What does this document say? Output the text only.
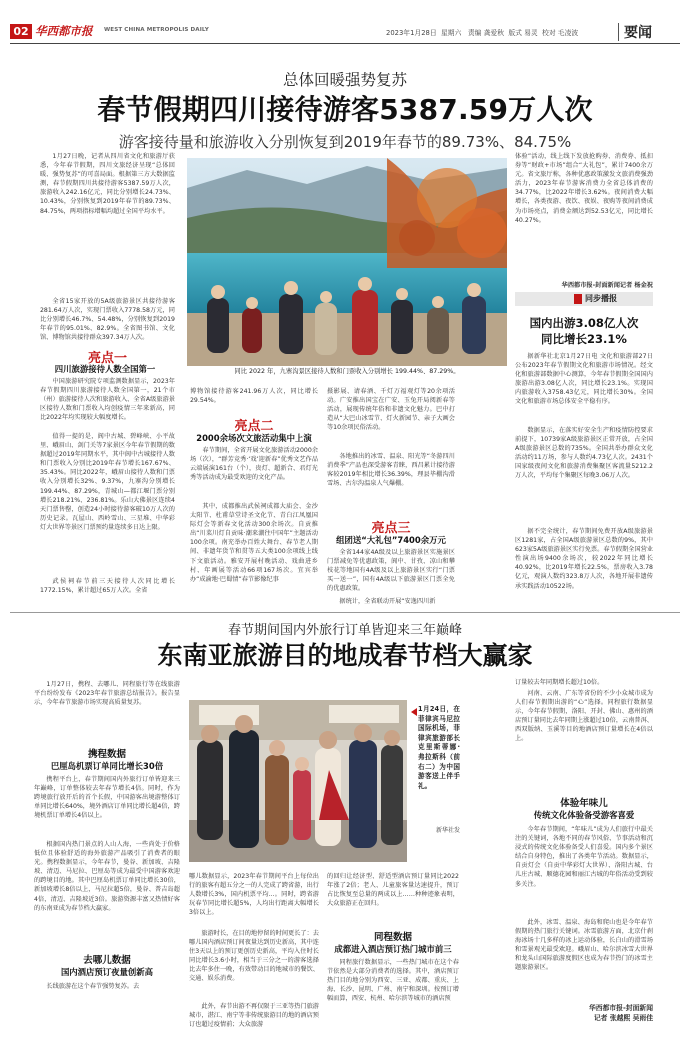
02 华西都市报 WEST CHINA METROPOLIS DAILY	2023年1月28日 星期六 责编 龚爱秋 版式 易灵 校对 毛凌波	要闻
总体回暖强势复苏
春节假期四川接待游客5387.59万人次
游客接待量和旅游收入分别恢复到2019年春节的89.73%、84.75%
1月27日晚，记者从四川省文化和旅游厅获悉，今年春节假期，四川文旅经济呈现“总体回暖、强势复苏”的可喜局面。根据第三方大数据监测，春节假期四川共接待游客5387.59万人次，旅游收入242.16亿元，同比分别增长24.73%、10.43%，分别恢复到2019年春节的89.73%、84.75%，两项指标增幅均超过全国平均水平。
全省15家开放的5A级旅游景区共接待游客281.64万人次，实现门票收入7778.58万元，同比分别增长46.7%、54.48%，分别恢复到2019年春节的95.01%、82.9%。全省图书馆、文化馆、博物馆共接待群众397.34万人次。
亮点一
四川旅游接待人数全国第一
中国旅游研究院专项监测数据显示，2023年春节假期四川旅游接待人数全国第一，21个市（州）旅游接待人次和旅游收入、全省A级旅游景区接待人数和门票收入均创疫情三年来新高，同比2022年均实现较大幅度增长。
值得一提的是，阆中古城、碧峰峡、小平故里、峨眉山、剑门关等7家景区今年春节假期的数据超过2019年同期水平，其中阆中古城接待人数和门票收入分别比2019年春节增长167.67%、35.43%。同比2022年，峨眉山接待人数和门票收入分别增长32%、9.37%，九寨沟分别增长199.44%、87.29%，青城山—都江堰门票分别增长218.21%、236.81%。乐山大佛景区连续4天门票售罄，创造24小时接待游客破10万人次的历史记录。瓦屋山、西岭雪山、三星堆、中华彩灯大世界等景区门票预约量连续多日达上限。
武侯祠春节前三天接待人次同比增长1772.15%，累计超过65万人次。全省
同比 2022 年，九寨沟景区接待人数和门票收入分别增长 199.44%、87.29%。
博物馆接待游客241.96万人次，同比增长29.54%。
亮点二
2000余场次文旅活动集中上演
春节期间，全省开展文化旅游活动2000余场（次），“群芳竞秀·‘戏’迎新春”优秀文艺作品云端展演161台（个），贵灯、超新合、君灯光秀等活动成为最受欢迎的文化产品。
其中，成都推出武侯祠成都大庙会、金沙太阳节、杜甫草堂诗圣文化节、青白江凤凰国际灯会等新春文化活动300余场次。自贡推出“川菜川灯自贡味·潮来潮往中国年”主题活动100余项。南充举办百姓大舞台、春节老人期间、非遗年货节和贯等五大类100余项线上线下文旅活动。雅安开展村晚活动、戏曲进乡村、年画展等活动66项167场次。宜宾举办“成渝地·巴蜀情”春节影像纪事
摄影展、请春酒、千灯万福观灯等20余项活动。广安推出国宝在广安、玉兔开局阅新春等活动，展现传统年俗和非遗文化魅力。巴中打造从“大巴山冰雪节、灯火新园节、亲子大画会等10余项民俗活动。
各地推出的冰雪、温泉、阳光等“冬游四川消费季”产品也深受游客青睐，西昌累计接待游客较2019年相比增长36.39%，理县毕棚沟滑雪场、古尔沟温泉人气爆棚。
亮点三
组团送“大礼包”7400余万元
全省144家4A级及以上旅游景区实施景区门票减免等优惠政策，阆中、甘孜、凉山和攀枝花等地国有4A级及以上旅游景区实行“门票买一送一”，国有4A级以下旅游景区门票全免的优惠政策。
据统计，全省联动开展“安逸四川新
体验”活动，线上线下发放抢购券、消费券、抵扣券等“财政+市场”组合“大礼包”，累计7400余万元。省文旅厅称，各种优惠政策激发文旅消费强劲活力，2023年春节游客消费力全省总体消费的34.77%，比2022年增长3.62%。夜间消费大幅增长，各类夜游、夜饮、夜娱、夜购等夜间消费成为市场亮点，消费金额达到52.53亿元，同比增长40.27%。
华西都市报-封面新闻记者 杨金祝
同步播报
国内出游3.08亿人次
同比增长23.1%
据新华社北京1月27日电 文化和旅游部27日公布2023年春节假期文化和旅游市场情况。经文化和旅游部数据中心测算，今年春节假期全国国内旅游出游3.08亿人次，同比增长23.1%。实现国内旅游收入3758.43亿元，同比增长30%。全国文化和旅游市场总体安全平稳有序。
数据显示，在落实好安全生产和疫情防控要求前提下，10739家A级旅游景区正常开放，占全国A级旅游景区总数的735%。全国共举办群众文化活动约11万场，参与人数约4.73亿人次。2431个国家级夜间文化和旅游消费集聚区客流量5212.2万人次，平均每个集聚区每晚3.06万人次。
据不完全统计，春节期间免费开放A级旅游景区1281家，占全国A级旅游景区总数的9%，其中623家5A级旅游景区实行免票。春节假期全国营业性演出场9400余场次，较2022年同比增长40.92%，比2019年增长22.5%，票房收入3.78亿元，观演人数约323.8万人次，各地开展非遗传承实践活动10522场。
春节期间国内外旅行订单皆迎来三年巅峰
东南亚旅游目的地成春节档大赢家
1月27日，携程、去哪儿、同程旅行等在线旅游平台纷纷发布《2023年春节旅游总结报告》。报告显示，今年春节旅游市场实现高质量复苏。
携程数据
巴厘岛机票订单同比增长30倍
携程平台上，春节期间国内外旅行订单皆迎来三年巅峰，订单整体较去年春节增长4倍。同时，作为跨境旅行放开后的首个长假，中国游客出境游整体订单同比增长640%，境外酒店订单同比增长超4倍，跨境机票订单增长4倍以上。
根据国内热门景点的人山人海，一些尚处于价格低位且体验舒适的海外旅游产品吸引了消费者的眼光。携程数据显示，今年春节，曼谷、新加坡、吉隆坡、清迈、马尼拉、巴厘岛等成为最受中国游客欢迎的跨境目的地。其中巴厘岛机票订单同比增长30倍，新加坡增长8倍以上，马尼拉超5倍，曼谷、普吉岛超4倍，清迈、吉隆坡近3倍。旅游资源丰富又热情好客的东南亚成为春节档大赢家。
去哪儿数据
国内酒店预订夜量创新高
长线旅游在这个春节强势复苏。去
1月24日，在菲律宾马尼拉国际机场，菲律宾旅游部长克里斯蒂娜·弗拉斯科（前右二）为中国游客送上伴手礼。
新华社发
哪儿数据显示，2023年春节期间平台上每位出行的旅客有超五分之一的人完成了跨省游，出行人数增长3%，国内机票平均...。同时，跨省游玩春节同比增长超5%，人均出行距离大幅增长3倍以上。
旅游时长，在目的地停留的时间更长了：去哪儿国内酒店预订间夜量达到历史新高，其中连住3天以上的预订更创历史新高，平均入住时长同比增长3.6小时，相当于三分之一的游客选择比去年多住一晚，有效带动目的地城市的餐饮、交通、娱乐消费。
此外，春节出游不再仅限于三亚等热门旅游城市，湛江、南宁等非传统旅游目的地的酒店预订也超过疫情前；大众旅游
的回归让经济型、舒适型酒店预订量同比2022年涨了2倍；老人、儿童旅客量达速提升，预订占比恢复至总量的两成以上……种种迹象表明，大众旅游正在回归。
同程数据
成都进入酒店预订热门城市前三
同程旅行数据显示，一些热门城市在这个春节依然是大部分消费者的选择。其中，酒店预订热门目的地分别为西安、三亚、成都、重庆、上海、长沙、昆明、广州、南宁和深圳。按预订增幅而算，西安、杭州、哈尔滨等城市的酒店预
订量较去年同期增长超过10倍。
河南、云南、广东等省份的不少小众城市成为人们春节假期出游的“心”选择。同程旅行数据显示，今年春节假期，洛阳、开封、佛山、惠州的酒店预订量同比去年同期上涨超过10倍，云南普洱、西双版纳、玉溪等目的地酒店预订量增长在4倍以上。
体验年味儿
传统文化体验备受游客喜爱
今年春节期间，“年味儿”成为人们旅行中最关注的关键词，各地不同的春节风俗、节事活动和沉浸式的传统文化体验备受人们喜爱。国内多个景区结合自身特色，推出了各类年节活动。数据显示，自贡灯会（自贡中华彩灯大世界）、洛阳古城、台儿庄古城、顺德花园和丽江古城的年俗活动受到较多关注。
此外，冰雪、温泉、海岛和爬山也是今年春节假期的热门旅行关键词。冰雪旅游方面，北京什刹海冰场十几多样的冰上运动体验，长白山的滑雪场和雪景观光最受欢迎。峨眉山、哈尔滨冰雪大世界和龙头山国际旅游度假区也成为春节热门的冰雪主题旅游景区。
华西都市报-封面新闻
记者 张越熙 吴雨佳
